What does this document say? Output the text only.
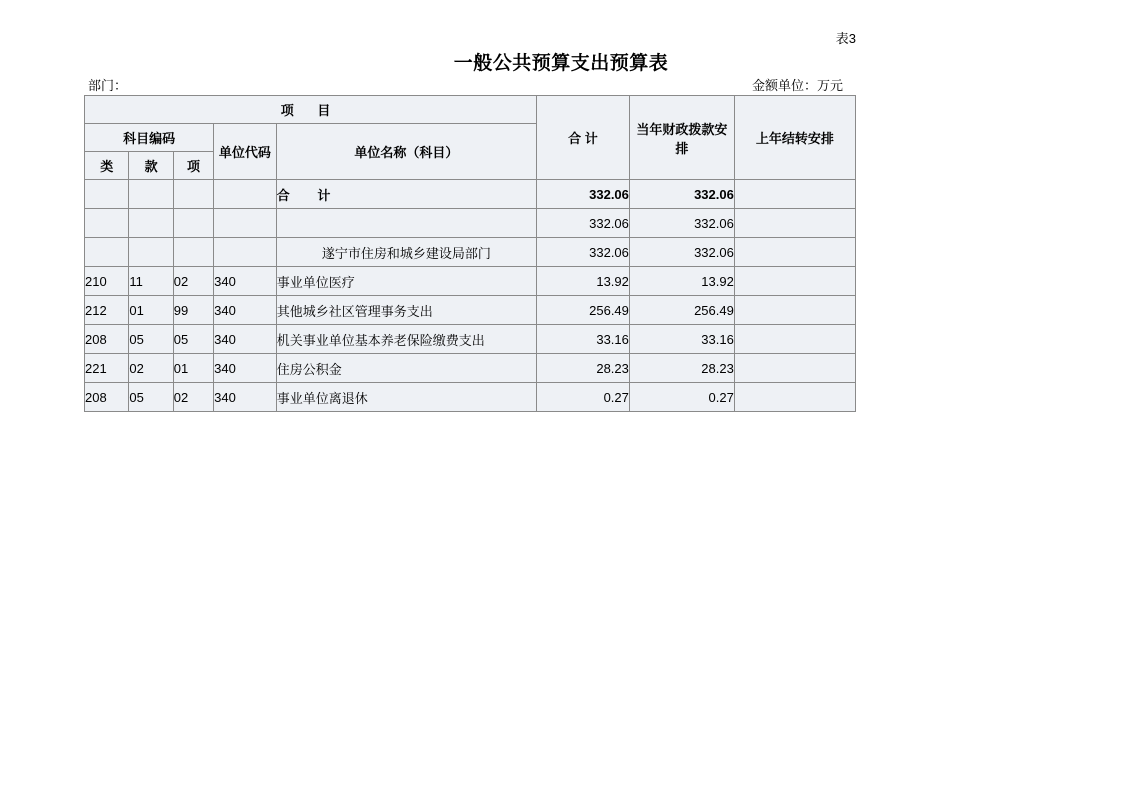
表3
一般公共预算支出预算表
部门：	金额单位：万元
项 目					合 计	当年财政拨款安排	上年结转安排
科目编码			单位代码	单位名称（科目）			
类	款	项					
				合 计	332.06	332.06	
					332.06	332.06	
				遂宁市住房和城乡建设局部门	332.06	332.06	
210	11	02	340	事业单位医疗	13.92	13.92	
212	01	99	340	其他城乡社区管理事务支出	256.49	256.49	
208	05	05	340	机关事业单位基本养老保险缴费支出	33.16	33.16	
221	02	01	340	住房公积金	28.23	28.23	
208	05	02	340	事业单位离退休	0.27	0.27	
